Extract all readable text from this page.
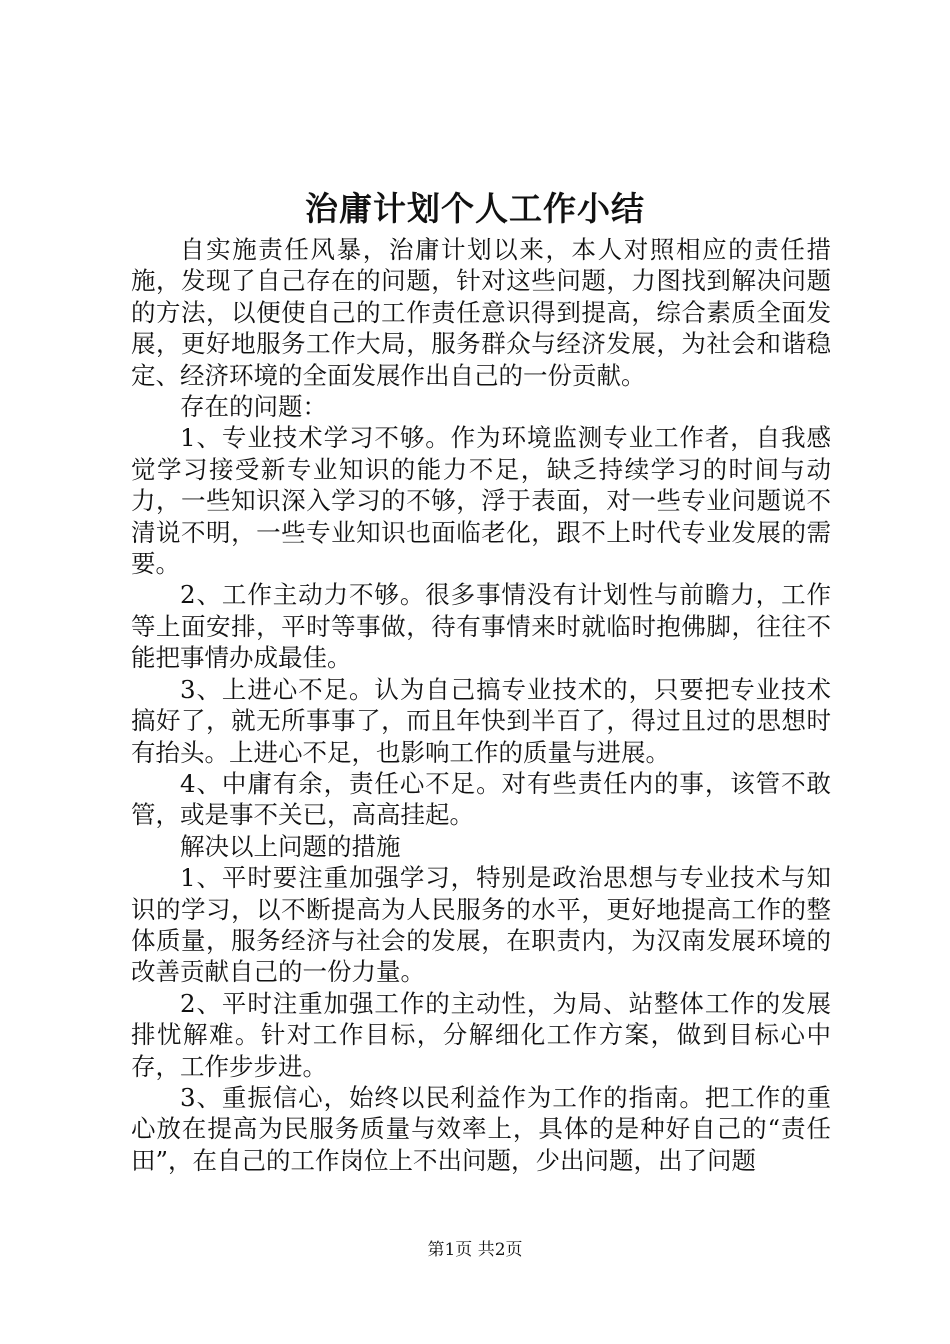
治庸计划个人工作小结

自实施责任风暴，治庸计划以来，本人对照相应的责任措施，发现了自己存在的问题，针对这些问题，力图找到解决问题的方法，以便使自己的工作责任意识得到提高，综合素质全面发展，更好地服务工作大局，服务群众与经济发展，为社会和谐稳定、经济环境的全面发展作出自己的一份贡献。

存在的问题：

1、专业技术学习不够。作为环境监测专业工作者，自我感觉学习接受新专业知识的能力不足，缺乏持续学习的时间与动力，一些知识深入学习的不够，浮于表面，对一些专业问题说不清说不明，一些专业知识也面临老化，跟不上时代专业发展的需要。

2、工作主动力不够。很多事情没有计划性与前瞻力，工作等上面安排，平时等事做，待有事情来时就临时抱佛脚，往往不能把事情办成最佳。

3、上进心不足。认为自己搞专业技术的，只要把专业技术搞好了，就无所事事了，而且年快到半百了，得过且过的思想时有抬头。上进心不足，也影响工作的质量与进展。

4、中庸有余，责任心不足。对有些责任内的事，该管不敢管，或是事不关已，高高挂起。

解决以上问题的措施

1、平时要注重加强学习，特别是政治思想与专业技术与知识的学习，以不断提高为人民服务的水平，更好地提高工作的整体质量，服务经济与社会的发展，在职责内，为汉南发展环境的改善贡献自己的一份力量。

2、平时注重加强工作的主动性，为局、站整体工作的发展排忧解难。针对工作目标，分解细化工作方案，做到目标心中存，工作步步进。

3、重振信心，始终以民利益作为工作的指南。把工作的重心放在提高为民服务质量与效率上，具体的是种好自己的“责任田”，在自己的工作岗位上不出问题，少出问题，出了问题

第1页 共2页
